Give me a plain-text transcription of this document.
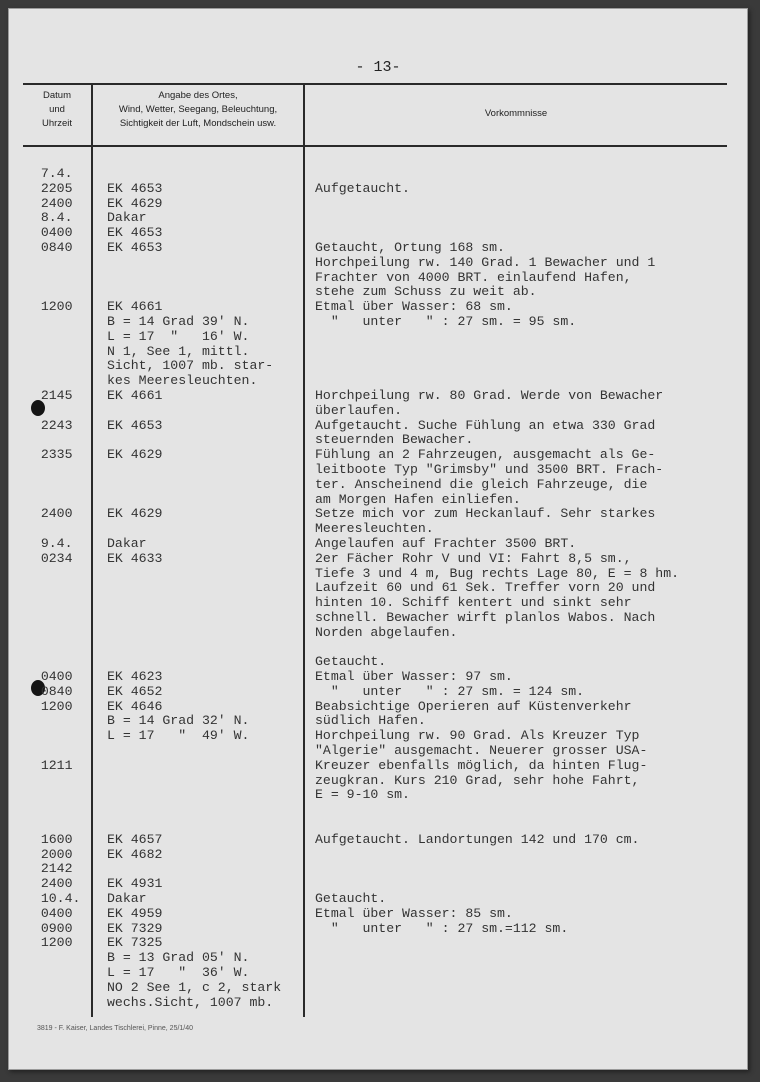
- 13-
Datum
und
Uhrzeit
Angabe des Ortes,
Wind, Wetter, Seegang, Beleuchtung,
Sichtigkeit der Luft, Mondschein usw.
Vorkommnisse
7.4.
2205
2400
8.4.
0400
0840

1200

2145

2243

2335

2400

9.4.
0234

0400
0840
1200

1211

1600
2000
2142
2400
10.4.
0400
0900
1200

EK 4653
EK 4629
Dakar
EK 4653
EK 4653

EK 4661
B = 14 Grad 39' N.
L = 17  "   16' W.
N 1, See 1, mittl.
Sicht, 1007 mb. star-
kes Meeresleuchten.
EK 4661

EK 4653

EK 4629

EK 4629

Dakar
EK 4633

EK 4623
EK 4652
EK 4646
B = 14 Grad 32' N.
L = 17   "  49' W.

EK 4657
EK 4682

EK 4931
Dakar
EK 4959
EK 7329
EK 7325
B = 13 Grad 05' N.
L = 17   "  36' W.
NO 2 See 1, c 2, stark
wechs.Sicht, 1007 mb.

Aufgetaucht.

Getaucht, Ortung 168 sm.
Horchpeilung rw. 140 Grad. 1 Bewacher und 1
Frachter von 4000 BRT. einlaufend Hafen,
stehe zum Schuss zu weit ab.
Etmal über Wasser: 68 sm.
"   unter   " : 27 sm. = 95 sm.

Horchpeilung rw. 80 Grad. Werde von Bewacher
überlaufen.
Aufgetaucht. Suche Fühlung an etwa 330 Grad
steuernden Bewacher.
Fühlung an 2 Fahrzeugen, ausgemacht als Ge-
leitboote Typ "Grimsby" und 3500 BRT. Frach-
ter. Anscheinend die gleich Fahrzeuge, die
am Morgen Hafen einliefen.
Setze mich vor zum Heckanlauf. Sehr starkes
Meeresleuchten.
Angelaufen auf Frachter 3500 BRT.
2er Fächer Rohr V und VI: Fahrt 8,5 sm.,
Tiefe 3 und 4 m, Bug rechts Lage 80, E = 8 hm.
Laufzeit 60 und 61 Sek. Treffer vorn 20 und
hinten 10. Schiff kentert und sinkt sehr
schnell. Bewacher wirft planlos Wabos. Nach
Norden abgelaufen.

Getaucht.
Etmal über Wasser: 97 sm.
"   unter   " : 27 sm. = 124 sm.
Beabsichtige Operieren auf Küstenverkehr
südlich Hafen.
Horchpeilung rw. 90 Grad. Als Kreuzer Typ
"Algerie" ausgemacht. Neuerer grosser USA-
Kreuzer ebenfalls möglich, da hinten Flug-
zeugkran. Kurs 210 Grad, sehr hohe Fahrt,
E = 9-10 sm.

Aufgetaucht. Landortungen 142 und 170 cm.

Getaucht.
Etmal über Wasser: 85 sm.
"   unter   " : 27 sm.=112 sm.
3819 - F. Kaiser, Landes Tischlerei, Pinne, 25/1/40
